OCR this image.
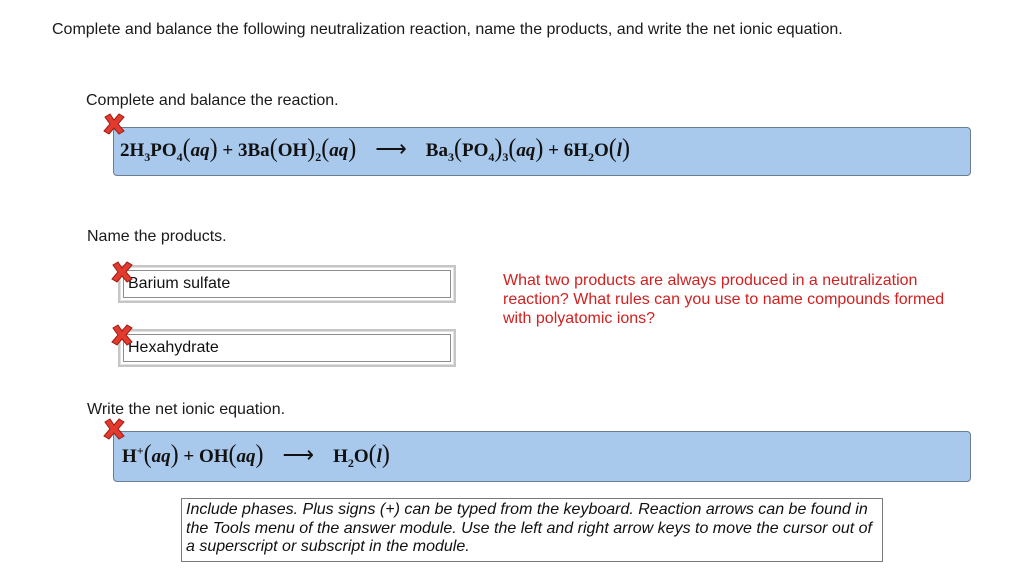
Complete and balance the following neutralization reaction, name the products, and write the net ionic equation.
Complete and balance the reaction.
$2H_3PO_4(aq) + 3Ba(OH)_2(aq)$ ⟶ $Ba_3(PO_4)_3(aq) + 6H_2O(l)$
Name the products.
Barium sulfate
Hexahydrate
What two products are always produced in a neutralization reaction? What rules can you use to name compounds formed with polyatomic ions?
Write the net ionic equation.
H+(aq) + OH(aq) ⟶ $H_2O(l)$
Include phases. Plus signs (+) can be typed from the keyboard. Reaction arrows can be found in the Tools menu of the answer module. Use the left and right arrow keys to move the cursor out of a superscript or subscript in the module.
